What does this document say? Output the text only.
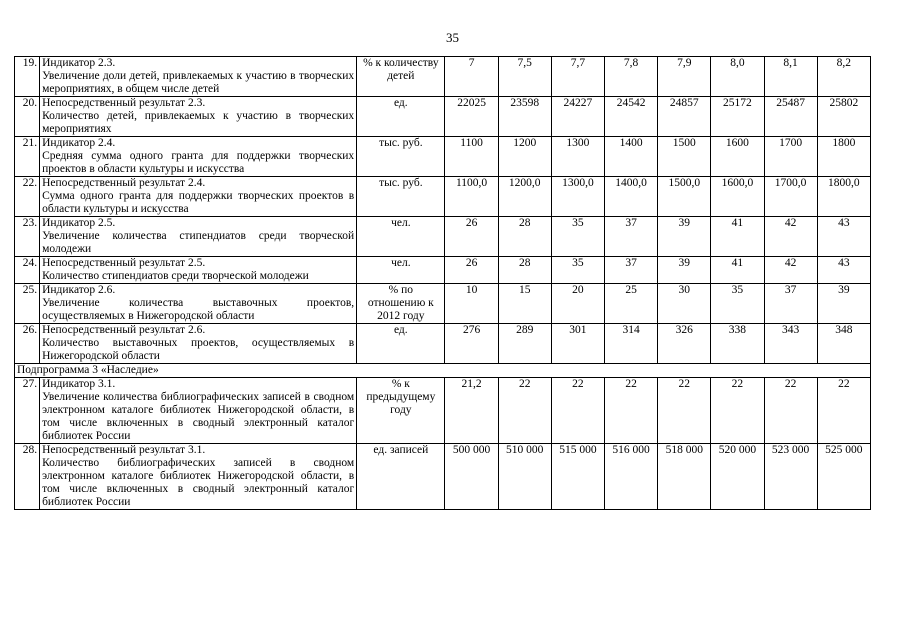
35
19.	Индикатор 2.3.
Увеличение доли детей, привлекаемых к участию в творческих мероприятиях, в общем числе детей	% к количеству детей	7	7,5	7,7	7,8	7,9	8,0	8,1	8,2
20.	Непосредственный результат 2.3.
Количество детей, привлекаемых к участию в творческих мероприятиях	ед.	22025	23598	24227	24542	24857	25172	25487	25802
21.	Индикатор 2.4.
Средняя сумма одного гранта для поддержки творческих проектов в области культуры и искусства	тыс. руб.	1100	1200	1300	1400	1500	1600	1700	1800
22.	Непосредственный результат 2.4.
Сумма одного гранта для поддержки творческих проектов в области культуры и искусства	тыс. руб.	1100,0	1200,0	1300,0	1400,0	1500,0	1600,0	1700,0	1800,0
23.	Индикатор 2.5.
Увеличение количества стипендиатов среди творческой молодежи	чел.	26	28	35	37	39	41	42	43
24.	Непосредственный результат 2.5.
Количество стипендиатов среди творческой молодежи	чел.	26	28	35	37	39	41	42	43
25.	Индикатор 2.6.
Увеличение количества выставочных проектов, осуществляемых в Нижегородской области	% по отношению к 2012 году	10	15	20	25	30	35	37	39
26.	Непосредственный результат 2.6.
Количество выставочных проектов, осуществляемых в Нижегородской области	ед.	276	289	301	314	326	338	343	348
Подпрограмма 3 «Наследие»										
27.	Индикатор 3.1.
Увеличение количества библиографических записей в сводном электронном каталоге библиотек Нижегородской области, в том числе включенных в сводный электронный каталог библиотек России	% к предыдущему году	21,2	22	22	22	22	22	22	22
28.	Непосредственный результат 3.1.
Количество библиографических записей в сводном электронном каталоге библиотек Нижегородской области, в том числе включенных в сводный электронный каталог библиотек России	ед. записей	500 000	510 000	515 000	516 000	518 000	520 000	523 000	525 000
